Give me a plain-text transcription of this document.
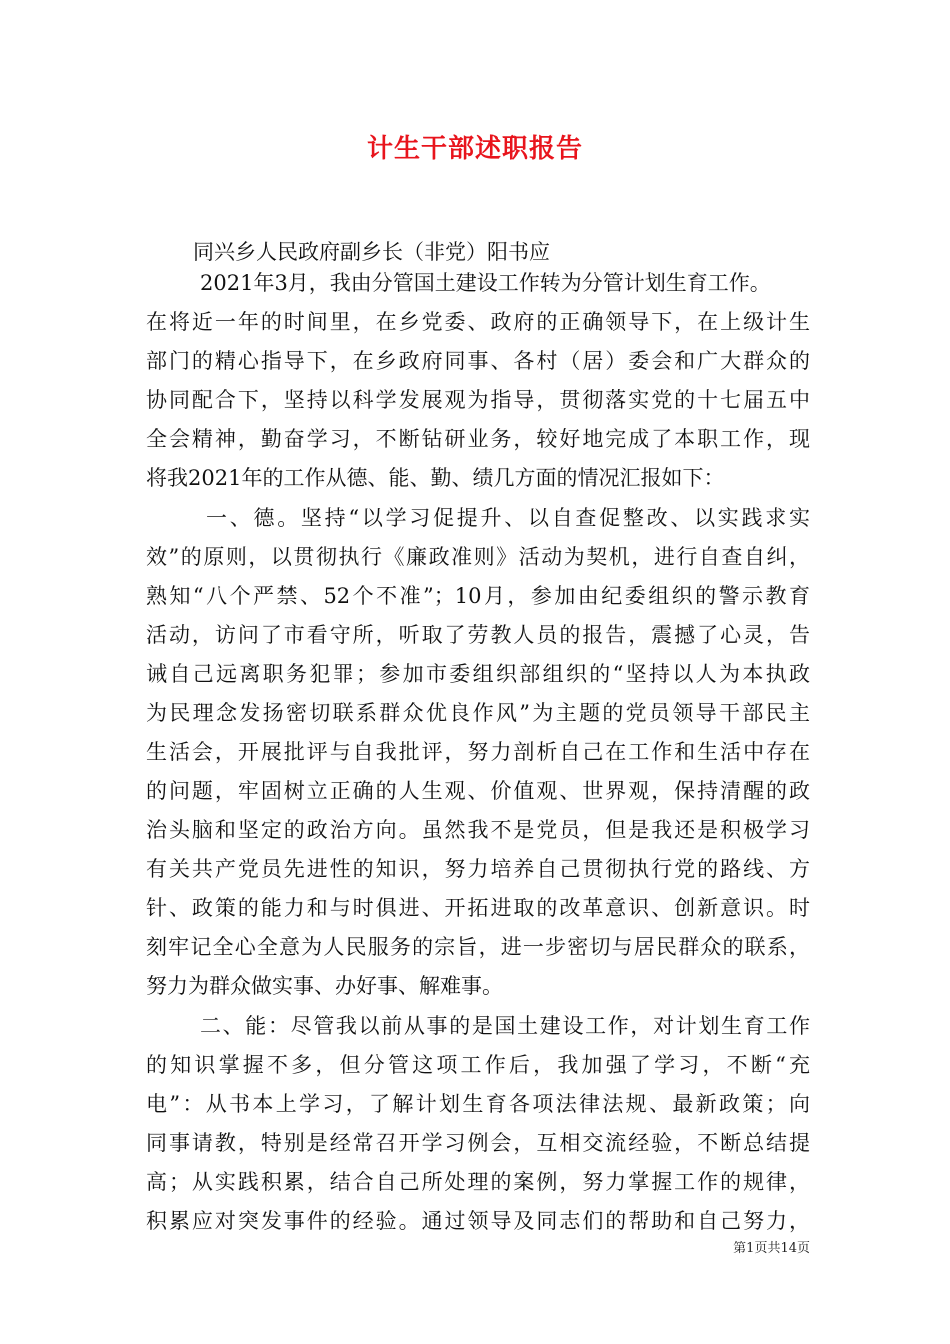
计生干部述职报告

同兴乡人民政府副乡长（非党）阳书应

2021年3月，我由分管国土建设工作转为分管计划生育工作。

在将近一年的时间里，在乡党委、政府的正确领导下，在上级计生

部门的精心指导下，在乡政府同事、各村（居）委会和广大群众的

协同配合下，坚持以科学发展观为指导，贯彻落实党的十七届五中

全会精神，勤奋学习，不断钻研业务，较好地完成了本职工作，现

将我2021年的工作从德、能、勤、绩几方面的情况汇报如下：

一、德。坚持“以学习促提升、以自查促整改、以实践求实

效”的原则，以贯彻执行《廉政准则》活动为契机，进行自查自纠，

熟知“八个严禁、52个不准”；10月，参加由纪委组织的警示教育

活动，访问了市看守所，听取了劳教人员的报告，震撼了心灵，告

诫自己远离职务犯罪；参加市委组织部组织的“坚持以人为本执政

为民理念发扬密切联系群众优良作风”为主题的党员领导干部民主

生活会，开展批评与自我批评，努力剖析自己在工作和生活中存在

的问题，牢固树立正确的人生观、价值观、世界观，保持清醒的政

治头脑和坚定的政治方向。虽然我不是党员，但是我还是积极学习

有关共产党员先进性的知识，努力培养自己贯彻执行党的路线、方

针、政策的能力和与时俱进、开拓进取的改革意识、创新意识。时

刻牢记全心全意为人民服务的宗旨，进一步密切与居民群众的联系，

努力为群众做实事、办好事、解难事。

二、能：尽管我以前从事的是国土建设工作，对计划生育工作

的知识掌握不多，但分管这项工作后，我加强了学习，不断“充

电”：从书本上学习，了解计划生育各项法律法规、最新政策；向

同事请教，特别是经常召开学习例会，互相交流经验，不断总结提

高；从实践积累，结合自己所处理的案例，努力掌握工作的规律，

积累应对突发事件的经验。通过领导及同志们的帮助和自己努力，

第1页共14页
